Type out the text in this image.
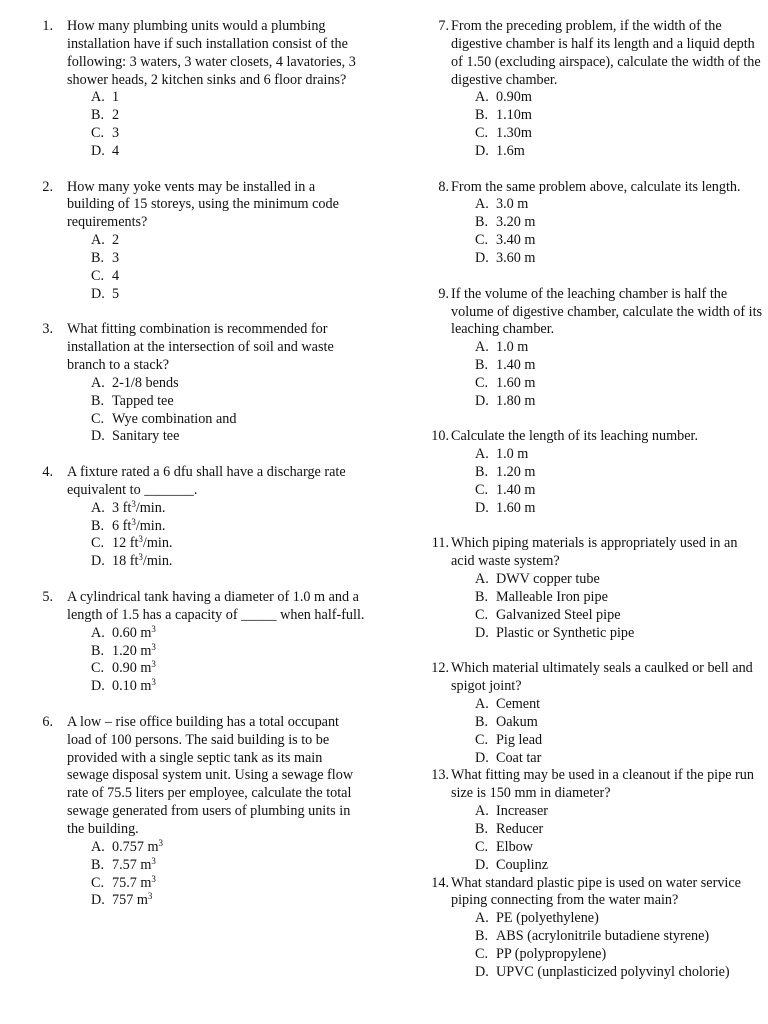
1. How many plumbing units would a plumbing installation have if such installation consist of the following: 3 waters, 3 water closets, 4 lavatories, 3 shower heads, 2 kitchen sinks and 6 floor drains?
A. 1
B. 2
C. 3
D. 4
2. How many yoke vents may be installed in a building of 15 storeys, using the minimum code requirements?
A. 2
B. 3
C. 4
D. 5
3. What fitting combination is recommended for installation at the intersection of soil and waste branch to a stack?
A. 2-1/8 bends
B. Tapped tee
C. Wye combination and
D. Sanitary tee
4. A fixture rated a 6 dfu shall have a discharge rate equivalent to _______.
A. 3 $ft^3/\min$.
B. 6 $ft^3/\min$.
C. 12 $ft^3/\min$.
D. 18 $ft^3/\min$.
5. A cylindrical tank having a diameter of 1.0 m and a length of 1.5 has a capacity of _____ when half-full.
A. 0.60 $m^3$
B. 1.20 $m^3$
C. 0.90 $m^3$
D. 0.10 $m^3$
6. A low – rise office building has a total occupant load of 100 persons. The said building is to be provided with a single septic tank as its main sewage disposal system unit. Using a sewage flow rate of 75.5 liters per employee, calculate the total sewage generated from users of plumbing units in the building.
A. 0.757 $m^3$
B. 7.57 $m^3$
C. 75.7 $m^3$
D. 757 $m^3$
7. From the preceding problem, if the width of the digestive chamber is half its length and a liquid depth of 1.50 (excluding airspace), calculate the width of the digestive chamber.
A. 0.90m
B. 1.10m
C. 1.30m
D. 1.6m
8. From the same problem above, calculate its length.
A. 3.0 m
B. 3.20 m
C. 3.40 m
D. 3.60 m
9. If the volume of the leaching chamber is half the volume of digestive chamber, calculate the width of its leaching chamber.
A. 1.0 m
B. 1.40 m
C. 1.60 m
D. 1.80 m
10. Calculate the length of its leaching number.
A. 1.0 m
B. 1.20 m
C. 1.40 m
D. 1.60 m
11. Which piping materials is appropriately used in an acid waste system?
A. DWV copper tube
B. Malleable Iron pipe
C. Galvanized Steel pipe
D. Plastic or Synthetic pipe
12. Which material ultimately seals a caulked or bell and spigot joint?
A. Cement
B. Oakum
C. Pig lead
D. Coat tar
13. What fitting may be used in a cleanout if the pipe run size is 150 mm in diameter?
A. Increaser
B. Reducer
C. Elbow
D. Couplinz
14. What standard plastic pipe is used on water service piping connecting from the water main?
A. PE (polyethylene)
B. ABS (acrylonitrile butadiene styrene)
C. PP (polypropylene)
D. UPVC (unplasticized polyvinyl cholorie)
